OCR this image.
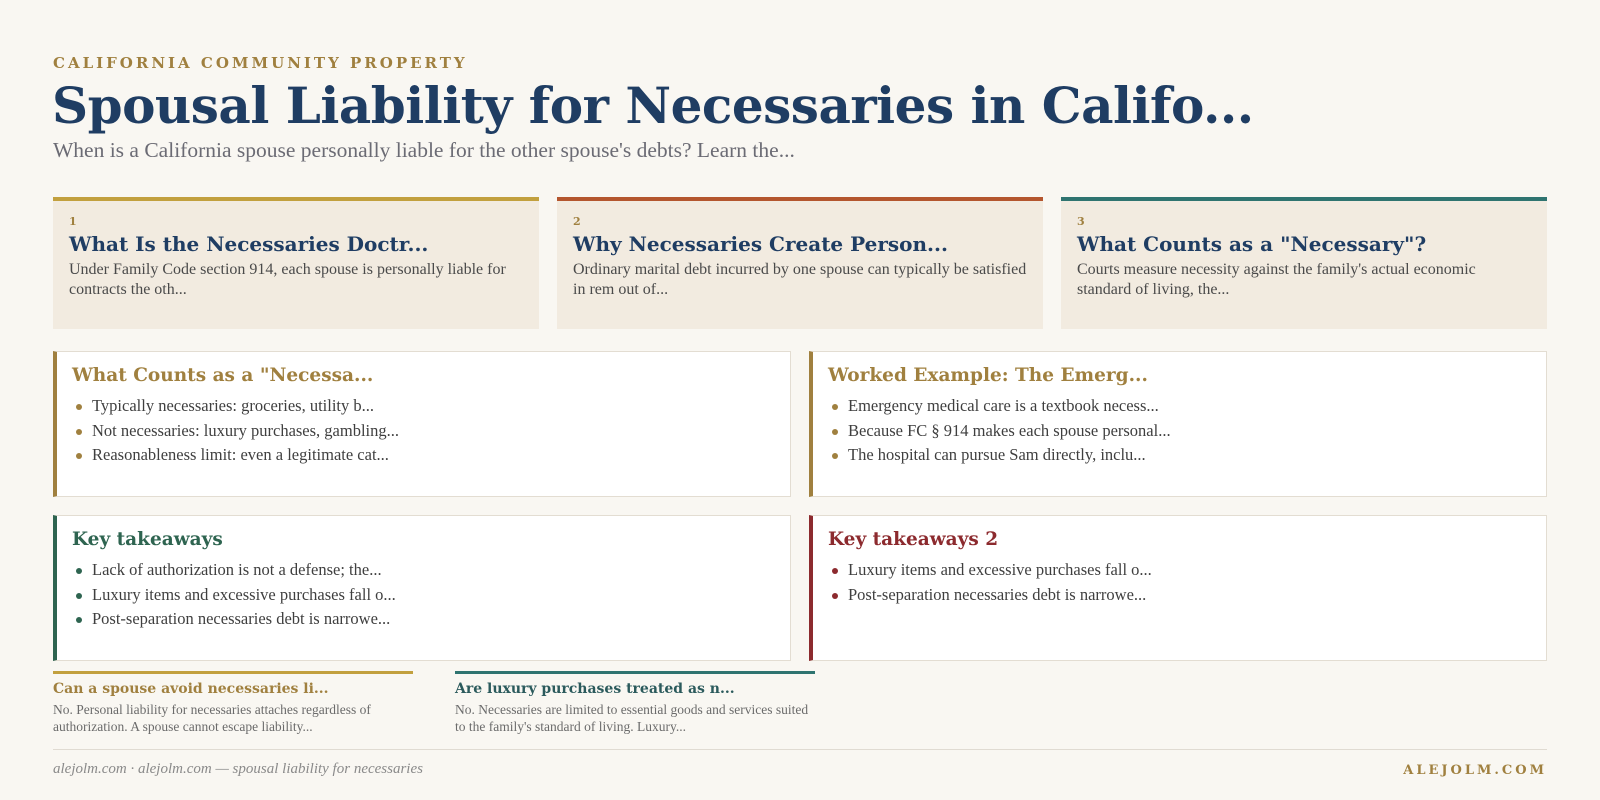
CALIFORNIA COMMUNITY PROPERTY
Spousal Liability for Necessaries in Califo...
When is a California spouse personally liable for the other spouse's debts? Learn the...
1
What Is the Necessaries Doctr...
Under Family Code section 914, each spouse is personally liable for contracts the oth...
2
Why Necessaries Create Person...
Ordinary marital debt incurred by one spouse can typically be satisfied in rem out of...
3
What Counts as a "Necessary"?
Courts measure necessity against the family's actual economic standard of living, the...
What Counts as a "Necessa...
Typically necessaries: groceries, utility b...
Not necessaries: luxury purchases, gambling...
Reasonableness limit: even a legitimate cat...
Worked Example: The Emerg...
Emergency medical care is a textbook necess...
Because FC § 914 makes each spouse personal...
The hospital can pursue Sam directly, inclu...
Key takeaways
Lack of authorization is not a defense; the...
Luxury items and excessive purchases fall o...
Post-separation necessaries debt is narrowe...
Key takeaways 2
Luxury items and excessive purchases fall o...
Post-separation necessaries debt is narrowe...
Can a spouse avoid necessaries li...
No. Personal liability for necessaries attaches regardless of authorization. A spouse cannot escape liability...
Are luxury purchases treated as n...
No. Necessaries are limited to essential goods and services suited to the family's standard of living. Luxury...
alejolm.com · alejolm.com — spousal liability for necessaries	ALEJOLM.COM
